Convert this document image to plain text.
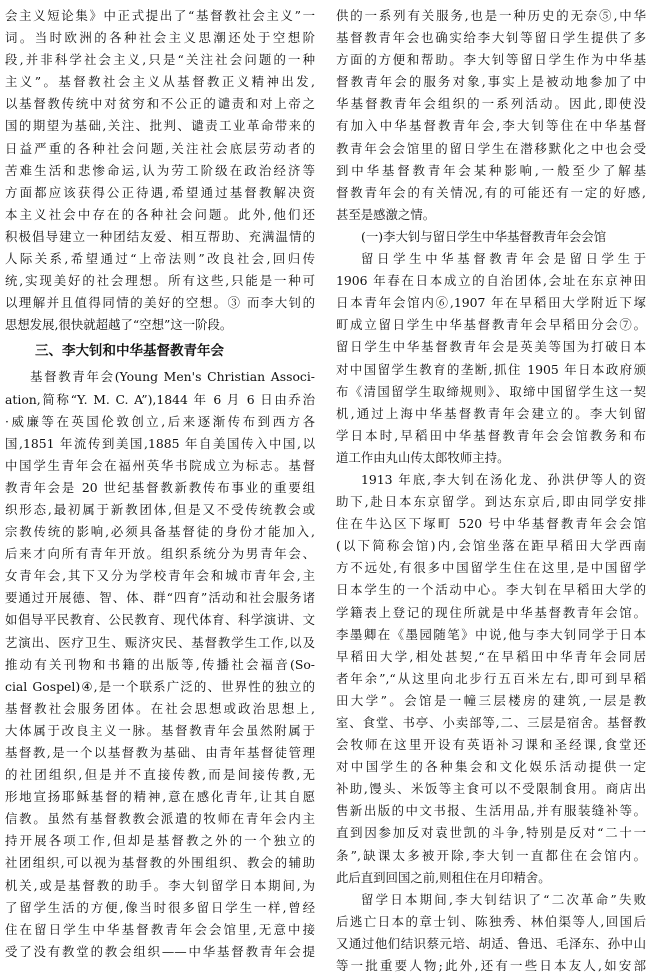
会主义短论集》中正式提出了“基督教社会主义”一
词。当时欧洲的各种社会主义思潮还处于空想阶
段,并非科学社会主义,只是“关注社会问题的一种
主义”。基督教社会主义从基督教正义精神出发,
以基督教传统中对贫穷和不公正的谴责和对上帝之
国的期望为基础,关注、批判、谴责工业革命带来的
日益严重的各种社会问题,关注社会底层劳动者的
苦难生活和悲惨命运,认为劳工阶级在政治经济等
方面都应该获得公正待遇,希望通过基督教解决资
本主义社会中存在的各种社会问题。此外,他们还
积极倡导建立一种团结友爱、相互帮助、充满温情的
人际关系,希望通过“上帝法则”改良社会,回归传
统,实现美好的社会理想。所有这些,只能是一种可
以理解并且值得同情的美好的空想。③ 而李大钊的
思想发展,很快就超越了“空想”这一阶段。
三、李大钊和中华基督教青年会
基督教青年会(Young Men's Christian Associ-
ation,简称“Y. M. C. A”),1844 年 6 月 6 日由乔治
·威廉等在英国伦敦创立,后来逐渐传布到西方各
国,1851 年流传到美国,1885 年自美国传入中国,以
中国学生青年会在福州英华书院成立为标志。基督
教青年会是 20 世纪基督教新教传布事业的重要组
织形态,最初属于新教团体,但是又不受传统教会或
宗教传统的影响,必须具备基督徒的身份才能加入,
后来才向所有青年开放。组织系统分为男青年会、
女青年会,其下又分为学校青年会和城市青年会,主
要通过开展德、智、体、群“四育”活动和社会服务诸
如倡导平民教育、公民教育、现代体育、科学演讲、文
艺演出、医疗卫生、赈济灾民、基督教学生工作,以及
推动有关刊物和书籍的出版等,传播社会福音(So-
cial Gospel)④,是一个联系广泛的、世界性的独立的
基督教社会服务团体。在社会思想或政治思想上,
大体属于改良主义一脉。基督教青年会虽然附属于
基督教,是一个以基督教为基础、由青年基督徒管理
的社团组织,但是并不直接传教,而是间接传教,无
形地宣扬耶稣基督的精神,意在感化青年,让其自愿
信教。虽然有基督教教会派遣的牧师在青年会内主
持开展各项工作,但却是基督教之外的一个独立的
社团组织,可以视为基督教的外围组织、教会的辅助
机关,或是基督教的助手。李大钊留学日本期间,为
了留学生活的方便,像当时很多留日学生一样,曾经
住在留日学生中华基督教青年会会馆里,无意中接
受了没有教堂的教会组织——中华基督教青年会提
供的一系列有关服务,也是一种历史的无奈⑤,中华
基督教青年会也确实给李大钊等留日学生提供了多
方面的方便和帮助。李大钊等留日学生作为中华基
督教青年会的服务对象,事实上是被动地参加了中
华基督教青年会组织的一系列活动。因此,即使没
有加入中华基督教青年会,李大钊等住在中华基督
教青年会会馆里的留日学生在潜移默化之中也会受
到中华基督教青年会某种影响,一般至少了解基
督教青年会的有关情况,有的可能还有一定的好感,
甚至是感激之情。
(一)李大钊与留日学生中华基督教青年会会馆
留日学生中华基督教青年会是留日学生于
1906 年春在日本成立的自治团体,会址在东京神田
日本青年会馆内⑥,1907 年在早稻田大学附近下塚
町成立留日学生中华基督教青年会早稻田分会⑦。
留日学生中华基督教青年会是英美等国为打破日本
对中国留学生教育的垄断,抓住 1905 年日本政府颁
布《清国留学生取缔规则》、取缔中国留学生这一契
机,通过上海中华基督教青年会建立的。李大钊留
学日本时,早稻田中华基督教青年会会馆教务和布
道工作由丸山传太郎牧师主持。
1913 年底,李大钊在汤化龙、孙洪伊等人的资
助下,赴日本东京留学。到达东京后,即由同学安排
住在牛込区下塚町 520 号中华基督教青年会会馆
(以下简称会馆)内,会馆坐落在距早稻田大学西南
方不远处,有很多中国留学生住在这里,是中国留学
日本学生的一个活动中心。李大钊在早稻田大学的
学籍表上登记的现住所就是中华基督教青年会馆。
李墨卿在《墨园随笔》中说,他与李大钊同学于日本
早稻田大学,相处甚契,“在早稻田中华青年会同居
者年余”,“从这里向北步行五百米左右,即可到早稻
田大学”。会馆是一幢三层楼房的建筑,一层是教
室、食堂、书亭、小卖部等,二、三层是宿舍。基督教
会牧师在这里开设有英语补习课和圣经课,食堂还
对中国学生的各种集会和文化娱乐活动提供一定
补助,馒头、米饭等主食可以不受限制食用。商店出
售新出版的中文书报、生活用品,并有服装缝补等。
直到因参加反对袁世凯的斗争,特别是反对“二十一
条”,缺课太多被开除,李大钊一直都住在会馆内。
此后直到回国之前,则租住在月印精舍。
留学日本期间,李大钊结识了“二次革命”失败
后逃亡日本的章士钊、陈独秀、林伯渠等人,回国后
又通过他们结识蔡元培、胡适、鲁迅、毛泽东、孙中山
等一批重要人物;此外,还有一些日本友人,如安部
